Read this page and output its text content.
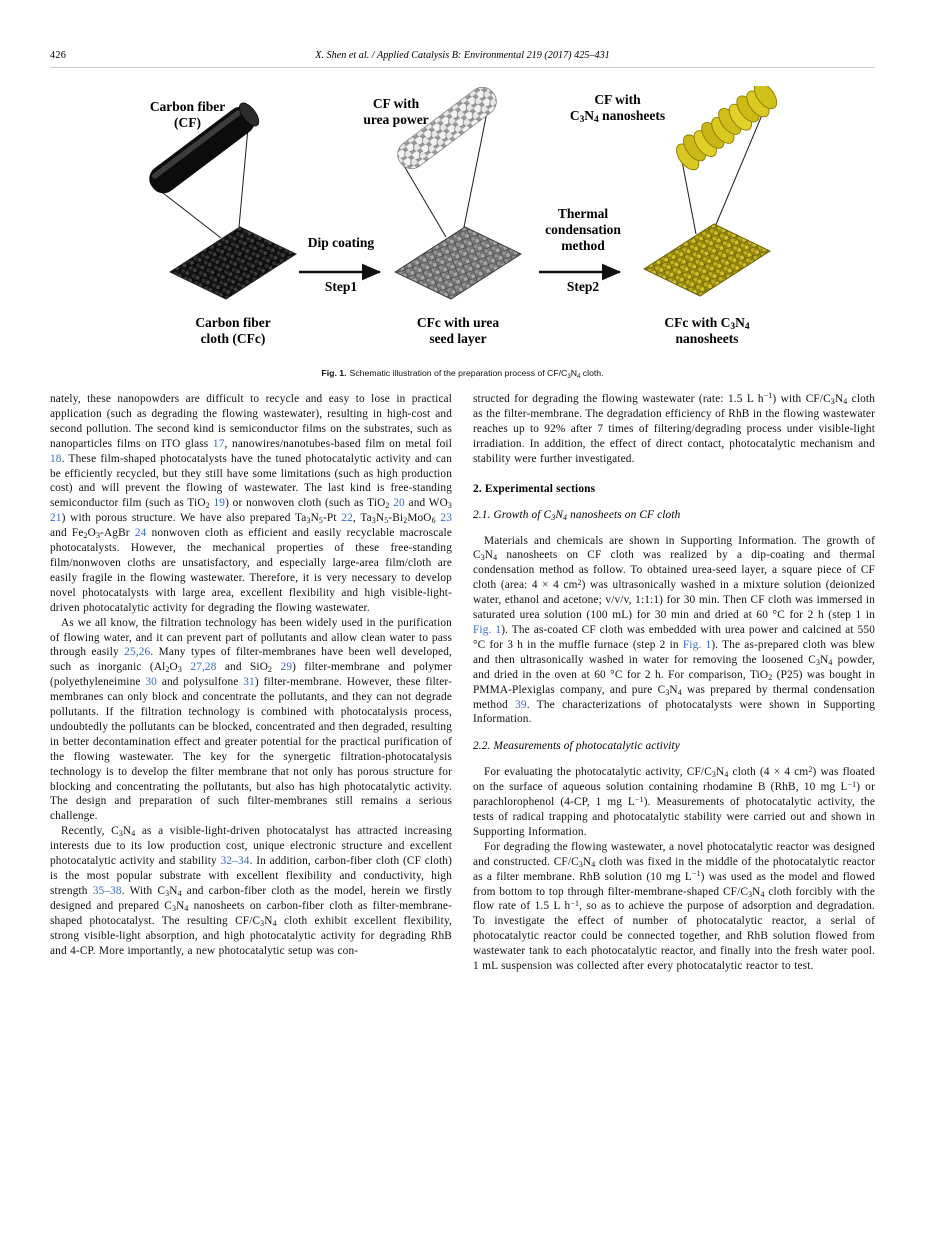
426	X. Shen et al. / Applied Catalysis B: Environmental 219 (2017) 425–431
Carbon fiber
(CF)
CF with
urea power
CF with
$C_3N_4$ nanosheets
Dip coating
Step1
Thermal
condensation
method
Step2
Carbon fiber
cloth (CFc)
CFc with urea
seed layer
CFc with $C_3N_4$
nanosheets
Fig. 1. Schematic illustration of the preparation process of $CF/C_3N_4$ cloth.

nately, these nanopowders are difficult to recycle and easy to lose in practical application (such as degrading the flowing wastewater), resulting in high-cost and second pollution. The second kind is semiconductor films on the substrates, such as nanoparticles films on ITO glass 17, nanowires/nanotubes-based film on metal foil 18. These film-shaped photocatalysts have the tuned photocatalytic activity and can be efficiently recycled, but they still have some limitations (such as high production cost) and will prevent the flowing of wastewater. The last kind is free-standing semiconductor film (such as TiO$_2$ 19) or nonwoven cloth (such as TiO$_2$ 20 and $WO_3$ 21) with porous structure. We have also prepared $Ta_3N_5-Pt$ 22, $Ta_3N_5-Bi_2MoO_6$ 23 and $Fe_2O_3$-AgBr 24 nonwoven cloth as efficient and easily recyclable macroscale photocatalysts. However, the mechanical properties of these free-standing film/nonwoven cloths are unsatisfactory, and especially large-area film/cloth are easily fragile in the flowing wastewater. Therefore, it is very necessary to develop novel photocatalysts with large area, excellent flexibility and high visible-light-driven photocatalytic activity for degrading the flowing wastewater.

As we all know, the filtration technology has been widely used in the purification of flowing water, and it can prevent part of pollutants and allow clean water to pass through easily 25,26. Many types of filter-membranes have been well developed, such as inorganic ($Al_2O_3$ 27,28 and SiO$_2$ 29) filter-membrane and polymer (polyethyleneimine 30 and polysulfone 31) filter-membrane. However, these filter-membranes can only block and concentrate the pollutants, and they can not degrade pollutants. If the filtration technology is combined with photocatalysis process, undoubtedly the pollutants can be blocked, concentrated and then degraded, resulting in better decontamination effect and greater potential for the practical purification of the flowing wastewater. The key for the synergetic filtration-photocatalysis technology is to develop the filter membrane that not only has porous structure for blocking and concentrating the pollutants, but also has high photocatalytic activity. The design and preparation of such filter-membranes still remains a serious challenge.

Recently, $C_3N_4$ as a visible-light-driven photocatalyst has attracted increasing interests due to its low production cost, unique electronic structure and excellent photocatalytic activity and stability 32–34. In addition, carbon-fiber cloth (CF cloth) is the most popular substrate with excellent flexibility and conductivity, high strength 35–38. With $C_3N_4$ and carbon-fiber cloth as the model, herein we firstly designed and prepared $C_3N_4$ nanosheets on carbon-fiber cloth as filter-membrane-shaped photocatalyst. The resulting $CF/C_3N_4$ cloth exhibit excellent flexibility, strong visible-light absorption, and high photocatalytic activity for degrading RhB and 4-CP. More importantly, a new photocatalytic setup was con-

structed for degrading the flowing wastewater (rate: 1.5 L $h^{-1}$) with $CF/C_3N_4$ cloth as the filter-membrane. The degradation efficiency of RhB in the flowing wastewater reaches up to 92% after 7 times of filtering/degrading process under visible-light irradiation. In addition, the effect of direct contact, photocatalytic mechanism and stability were further investigated.

2. Experimental sections
2.1. Growth of $C_3N_4$ nanosheets on CF cloth

Materials and chemicals are shown in Supporting Information. The growth of $C_3N_4$ nanosheets on CF cloth was realized by a dip-coating and thermal condensation method as follow. To obtained urea-seed layer, a square piece of CF cloth (area: 4 × 4 $cm^2$) was ultrasonically washed in a mixture solution (deionized water, ethanol and acetone; v/v/v, 1:1:1) for 30 min. Then CF cloth was immersed in saturated urea solution (100 mL) for 30 min and dried at 60 °C for 2 h (step 1 in Fig. 1). The as-coated CF cloth was embedded with urea power and calcined at 550 °C for 3 h in the muffle furnace (step 2 in Fig. 1). The as-prepared cloth was blew and then ultrasonically washed in water for removing the loosened $C_3N_4$ powder, and dried in the oven at 60 °C for 2 h. For comparison, TiO$_2$ (P25) was bought in PMMA-Plexiglas company, and pure $C_3N_4$ was prepared by thermal condensation method 39. The characterizations of photocatalysts were shown in Supporting Information.

2.2. Measurements of photocatalytic activity

For evaluating the photocatalytic activity, $CF/C_3N_4$ cloth (4 × 4 $cm^2$) was floated on the surface of aqueous solution containing rhodamine B (RhB, 10 mg $L^{-1}$) or parachlorophenol (4-CP, 1 mg $L^{-1}$). Measurements of photocatalytic activity, the tests of radical trapping and photocatalytic stability were carried out and shown in Supporting Information.

For degrading the flowing wastewater, a novel photocatalytic reactor was designed and constructed. $CF/C_3N_4$ cloth was fixed in the middle of the photocatalytic reactor as a filter membrane. RhB solution (10 mg $L^{-1}$) was used as the model and flowed from bottom to top through filter-membrane-shaped $CF/C_3N_4$ cloth forcibly with the flow rate of 1.5 L $h^{-1}$, so as to achieve the purpose of adsorption and degradation. To investigate the effect of number of photocatalytic reactor, a serial of photocatalytic reactor could be connected together, and RhB solution flowed from wastewater tank to each photocatalytic reactor, and finally into the fresh water pool. 1 mL suspension was collected after every photocatalytic reactor to test.
